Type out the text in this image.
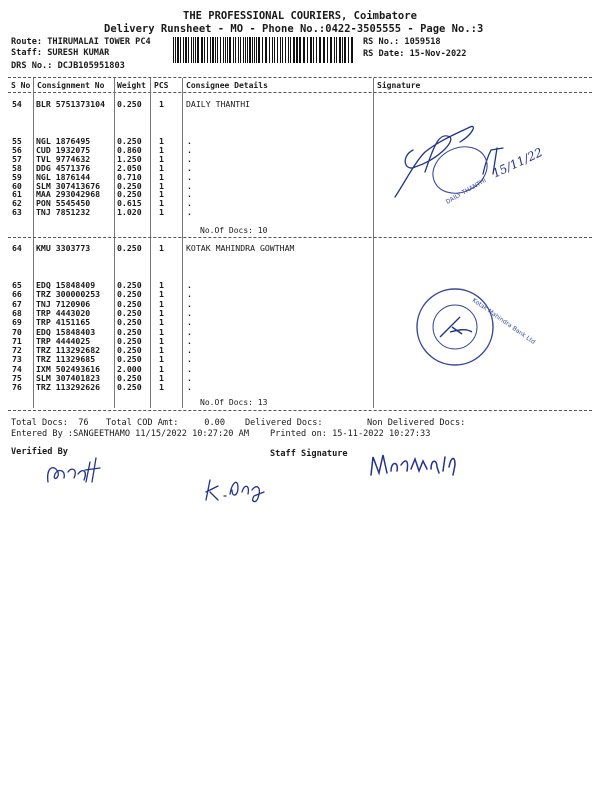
THE PROFESSIONAL COURIERS, Coimbatore
Delivery Runsheet - MO - Phone No.:0422-3505555 - Page No.:3
Route: THIRUMALAI TOWER PC4
Staff: SURESH KUMAR
DRS No.: DCJB105951803
RS No.: 1059518
RS Date: 15-Nov-2022
S No Consignment No Weight PCS Consignee Details	Signature
54 BLR 5751373104 0.250 1	DAILY THANTHI
55 NGL 1876495	0.250 1	.
56 CUD 1932075	0.860 1	.
57 TVL 9774632	1.250 1	.
58 DDG 4571376	2.050 1	.
59 NGL 1876144	0.710 1	.
60 SLM 307413676 0.250 1	.
61 MAA 293042968 0.250 1	.
62 PON 5545450	0.615 1	.
63 TNJ 7851232	1.020 1	.
No.Of Docs: 10
64 KMU 3303773	0.250 1	KOTAK MAHINDRA GOWTHAM
65 EDQ 15848409	0.250 1	.
66 TRZ 300000253 0.250 1	.
67 TNJ 7120906	0.250 1	.
68 TRP 4443020	0.250 1	.
69 TRP 4151165	0.250 1	.
70 EDQ 15848403	0.250 1	.
71 TRP 4444025	0.250 1	.
72 TRZ 113292682 0.250 1	.
73 TRZ 11329685	0.250 1	.
74 IXM 502493616 2.000 1	.
75 SLM 307401823 0.250 1	.
76 TRZ 113292626 0.250 1	.
No.Of Docs: 13
Total Docs:  76 Total COD Amt:     0.00 Delivered Docs:	Non Delivered Docs:
Entered By :SANGEETHAMO 11/15/2022 10:27:20 AM Printed on: 15-11-2022 10:27:33
Verified By	Staff Signature
DAILY THANTHI
15/11/22
Kotak Mahindra Bank Ltd
